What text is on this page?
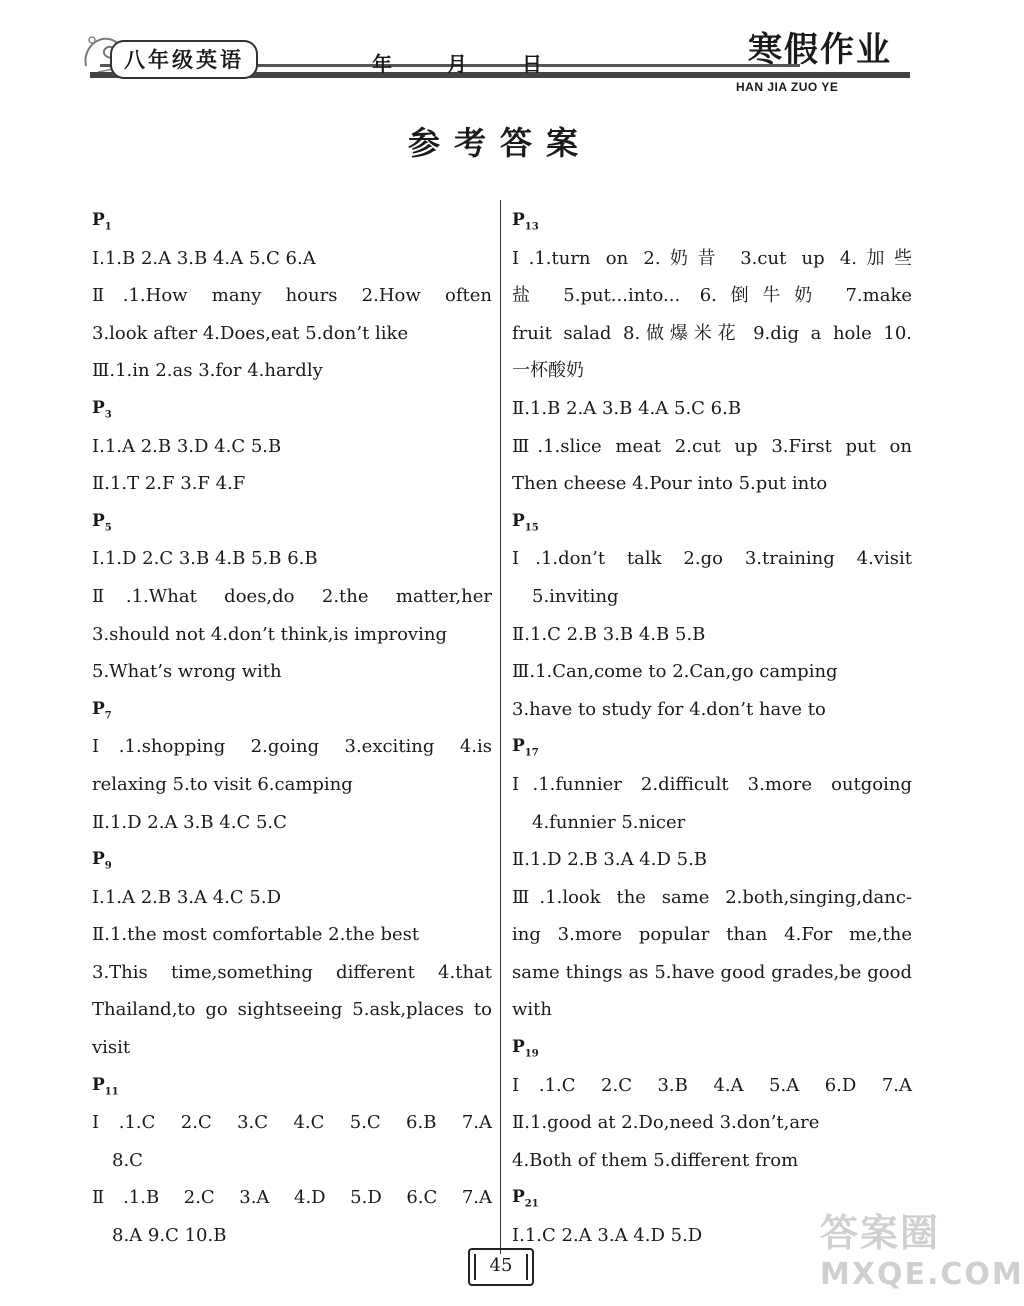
八年级英语	年	月	日	寒假作业
HAN JIA ZUO YE
参考答案
$P_1$
Ⅰ.1.B 2.A 3.B 4.A 5.C 6.A
Ⅱ.1.How many hours 2.How often
3.look after 4.Does,eat 5.don’t like
Ⅲ.1.in 2.as 3.for 4.hardly
$P_3$
Ⅰ.1.A 2.B 3.D 4.C 5.B
Ⅱ.1.T 2.F 3.F 4.F
$P_5$
Ⅰ.1.D 2.C 3.B 4.B 5.B 6.B
Ⅱ.1.What does,do 2.the matter,her
3.should not 4.don’t think,is improving
5.What’s wrong with
$P_7$
Ⅰ.1.shopping 2.going 3.exciting 4.is
relaxing 5.to visit 6.camping
Ⅱ.1.D 2.A 3.B 4.C 5.C
$P_9$
Ⅰ.1.A 2.B 3.A 4.C 5.D
Ⅱ.1.the most comfortable 2.the best
3.This time,something different 4.that
Thailand,to go sightseeing 5.ask,places to
visit
$P_{11}$
Ⅰ.1.C 2.C 3.C 4.C 5.C 6.B 7.A
8.C
Ⅱ.1.B 2.C 3.A 4.D 5.D 6.C 7.A
8.A 9.C 10.B
$P_{13}$
Ⅰ.1.turn on 2.奶昔 3.cut up 4.加些
盐 5.put...into... 6.倒牛奶 7.make
fruit salad 8.做爆米花 9.dig a hole 10.
一杯酸奶
Ⅱ.1.B 2.A 3.B 4.A 5.C 6.B
Ⅲ.1.slice meat 2.cut up 3.First put on
Then cheese 4.Pour into 5.put into
$P_{15}$
Ⅰ.1.don’t talk 2.go 3.training 4.visit
5.inviting
Ⅱ.1.C 2.B 3.B 4.B 5.B
Ⅲ.1.Can,come to 2.Can,go camping
3.have to study for 4.don’t have to
$P_{17}$
Ⅰ.1.funnier 2.difficult 3.more outgoing
4.funnier 5.nicer
Ⅱ.1.D 2.B 3.A 4.D 5.B
Ⅲ.1.look the same 2.both,singing,danc-
ing 3.more popular than 4.For me,the
same things as 5.have good grades,be good
with
$P_{19}$
Ⅰ.1.C 2.C 3.B 4.A 5.A 6.D 7.A
Ⅱ.1.good at 2.Do,need 3.don’t,are
4.Both of them 5.different from
$P_{21}$
Ⅰ.1.C 2.A 3.A 4.D 5.D
45
答案圈
MXQE.COM
